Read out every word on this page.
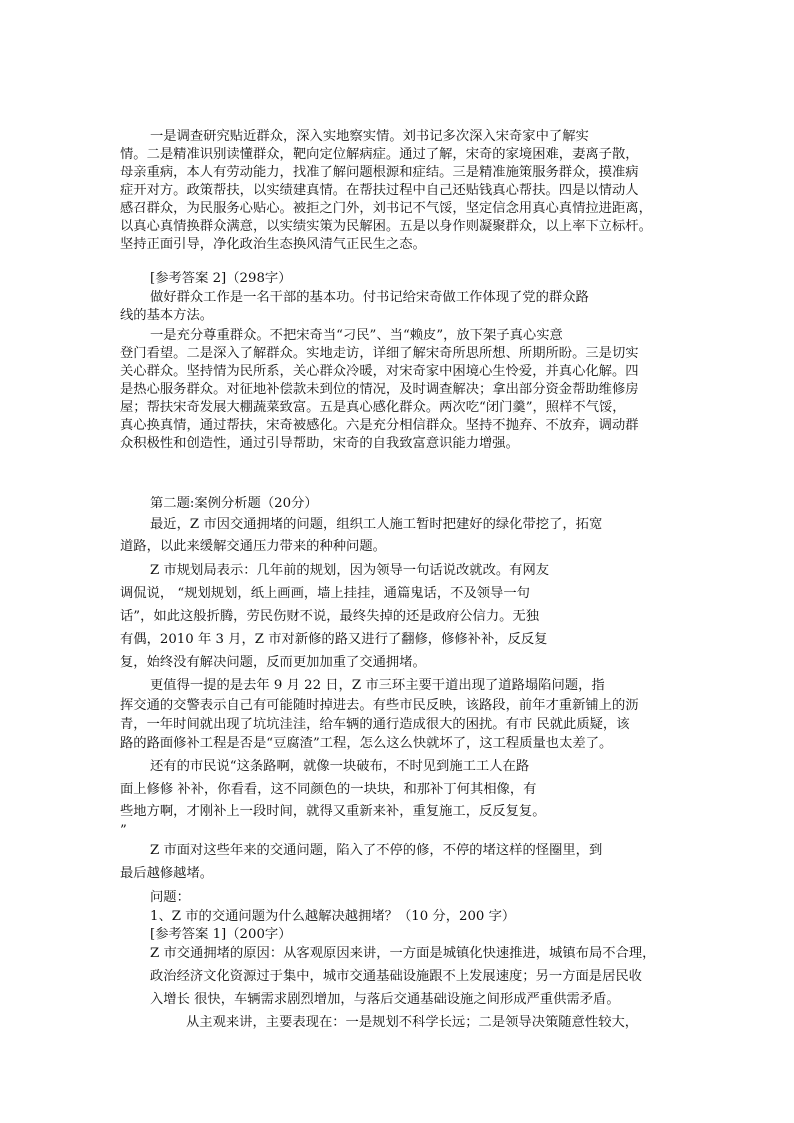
一是调查研究贴近群众，深入实地察实情。刘书记多次深入宋奇家中了解实
情。二是精准识别读懂群众，靶向定位解病症。通过了解，宋奇的家境困难，妻离子散，
母亲重病，本人有劳动能力，找准了解问题根源和症结。三是精准施策服务群众，摸准病
症开对方。政策帮扶，以实绩建真情。在帮扶过程中自己还贴钱真心帮扶。四是以情动人
感召群众，为民服务心贴心。被拒之门外，刘书记不气馁，坚定信念用真心真情拉进距离，
以真心真情换群众满意，以实绩实策为民解困。五是以身作则凝聚群众，以上率下立标杆。
坚持正面引导，净化政治生态换风清气正民生之态。
[参考答案 2]（298字）
做好群众工作是一名干部的基本功。付书记给宋奇做工作体现了党的群众路
线的基本方法。
一是充分尊重群众。不把宋奇当“刁民”、当“赖皮”，放下架子真心实意
登门看望。二是深入了解群众。实地走访，详细了解宋奇所思所想、所期所盼。三是切实
关心群众。坚持情为民所系，关心群众冷暖，对宋奇家中困境心生怜爱，并真心化解。四
是热心服务群众。对征地补偿款未到位的情况，及时调查解决；拿出部分资金帮助维修房
屋；帮扶宋奇发展大棚蔬菜致富。五是真心感化群众。两次吃“闭门羹”，照样不气馁，
真心换真情，通过帮扶，宋奇被感化。六是充分相信群众。坚持不抛弃、不放弃，调动群
众积极性和创造性，通过引导帮助，宋奇的自我致富意识能力增强。
第二题:案例分析题（20分）
最近，Z 市因交通拥堵的问题，组织工人施工暂时把建好的绿化带挖了，拓宽
道路，以此来缓解交通压力带来的种种问题。
Z 市规划局表示：几年前的规划，因为领导一句话说改就改。有网友
调侃说， “规划规划，纸上画画，墙上挂挂，通篇鬼话，不及领导一句
话”，如此这般折腾，劳民伤财不说，最终失掉的还是政府公信力。无独
有偶，2010 年 3 月，Z 市对新修的路又进行了翻修，修修补补，反反复
复，始终没有解决问题，反而更加加重了交通拥堵。
更值得一提的是去年 9 月 22 日，Z 市三环主要干道出现了道路塌陷问题，指
挥交通的交警表示自己有可能随时掉进去。有些市民反映，该路段，前年才重新铺上的沥
青，一年时间就出现了坑坑洼洼，给车辆的通行造成很大的困扰。有市 民就此质疑，该
路的路面修补工程是否是“豆腐渣”工程，怎么这么快就坏了，这工程质量也太差了。
还有的市民说“这条路啊，就像一块破布，不时见到施工工人在路
面上修修 补补，你看看，这不同颜色的一块块，和那补丁何其相像，有
些地方啊，才刚补上一段时间，就得又重新来补，重复施工，反反复复。
”
Z 市面对这些年来的交通问题，陷入了不停的修，不停的堵这样的怪圈里，到
最后越修越堵。
问题：
1、Z 市的交通问题为什么越解决越拥堵？（10 分，200 字）
[参考答案 1]（200字）
Z 市交通拥堵的原因：从客观原因来讲，一方面是城镇化快速推进，城镇布局不合理，
政治经济文化资源过于集中，城市交通基础设施跟不上发展速度；另一方面是居民收
入增长 很快，车辆需求剧烈增加，与落后交通基础设施之间形成严重供需矛盾。
从主观来讲，主要表现在：一是规划不科学长远；二是领导决策随意性较大，
